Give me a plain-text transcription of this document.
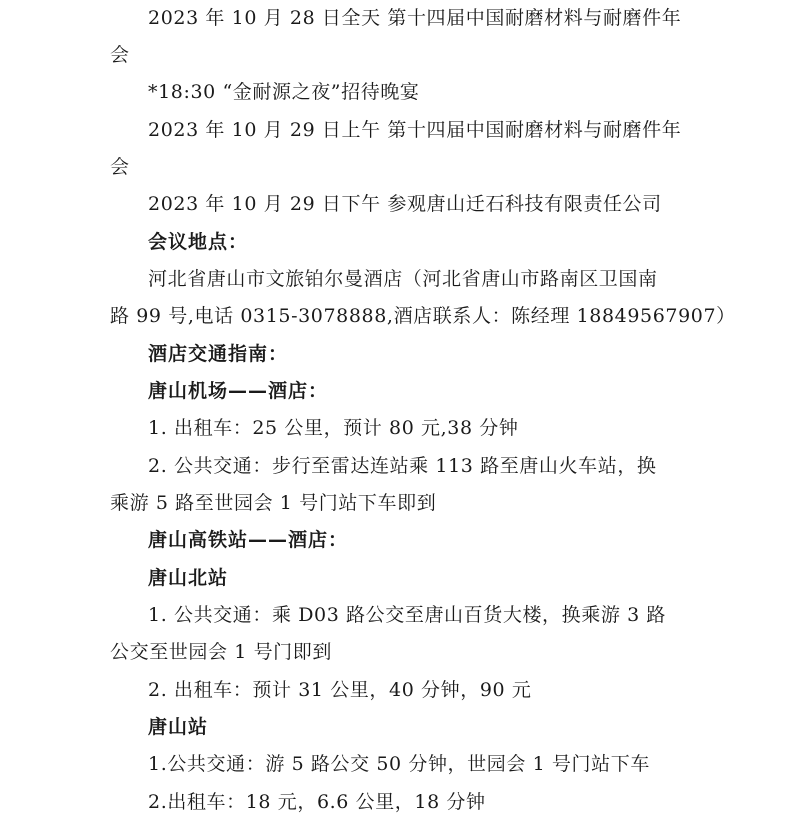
2023 年 10 月 28 日全天 第十四届中国耐磨材料与耐磨件年
会
*18:30 “金耐源之夜”招待晚宴
2023 年 10 月 29 日上午 第十四届中国耐磨材料与耐磨件年
会
2023 年 10 月 29 日下午 参观唐山迁石科技有限责任公司
会议地点：
河北省唐山市文旅铂尔曼酒店（河北省唐山市路南区卫国南
路 99 号,电话 0315-3078888,酒店联系人：陈经理 18849567907）
酒店交通指南：
唐山机场——酒店：
1. 出租车：25 公里，预计 80 元,38 分钟
2. 公共交通：步行至雷达连站乘 113 路至唐山火车站，换
乘游 5 路至世园会 1 号门站下车即到
唐山高铁站——酒店：
唐山北站
1. 公共交通：乘 D03 路公交至唐山百货大楼，换乘游 3 路
公交至世园会 1 号门即到
2. 出租车：预计 31 公里，40 分钟，90 元
唐山站
1.公共交通：游 5 路公交 50 分钟，世园会 1 号门站下车
2.出租车：18 元，6.6 公里，18 分钟
